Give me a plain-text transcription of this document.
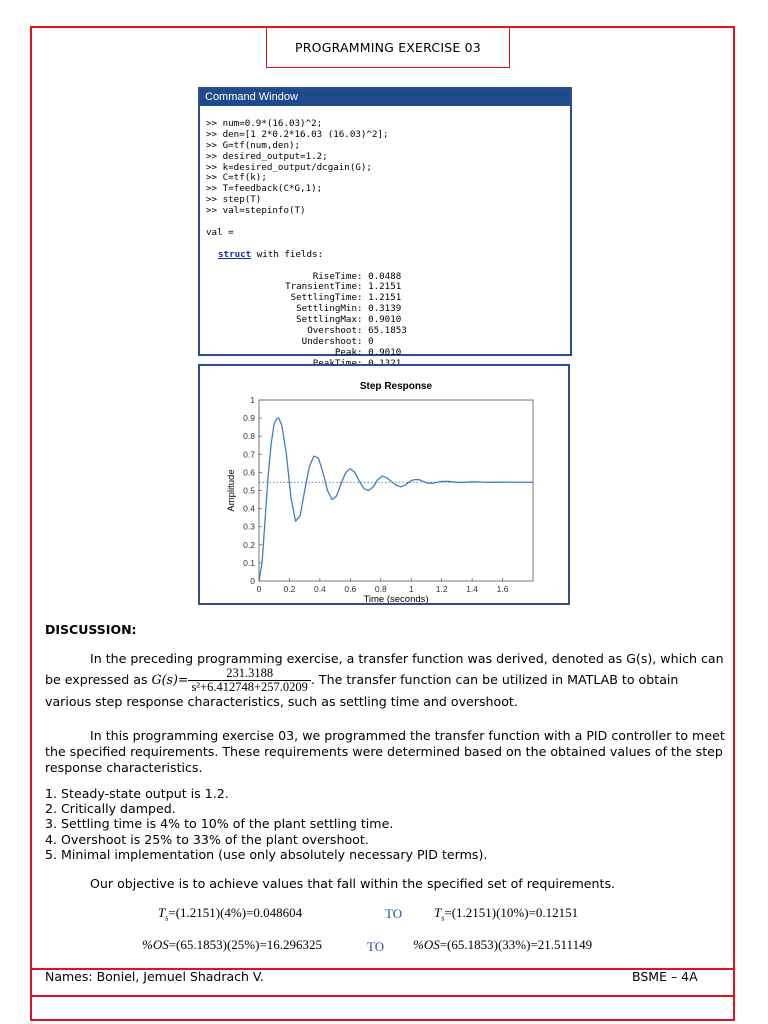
PROGRAMMING EXERCISE 03
Command Window

>> num=0.9*(16.03)^2;
>> den=[1 2*0.2*16.03 (16.03)^2];
>> G=tf(num,den);
>> desired_output=1.2;
>> k=desired_output/dcgain(G);
>> C=tf(k);
>> T=feedback(C*G,1);
>> step(T)
>> val=stepinfo(T)
val =
struct with fields:
RiseTime: 0.0488
TransientTime: 1.2151
SettlingTime: 1.2151
SettlingMin: 0.3139
SettlingMax: 0.9010
Overshoot: 65.1853
Undershoot: 0
Peak: 0.9010

Step Response
Time (seconds)
Amplitude
0	0.2 0.4 0.6 0.8	1	1.2 1.4 1.6
0
0.1
0.2
0.3
0.4
0.5
0.6
0.7
0.8
0.9
1
DISCUSSION:
In the preceding programming exercise, a transfer function was derived, denoted as G(s), which can be expressed as $G(s)= \frac{231.3188}{\text{s²+6.412748+257.0209}}$ . The transfer function can be utilized in MATLAB to obtain various step response characteristics, such as settling time and overshoot.
In this programming exercise 03, we programmed the transfer function with a PID controller to meet the specified requirements. These requirements were determined based on the obtained values of the step response characteristics.
1. Steady-state output is 1.2.
2. Critically damped.
3. Settling time is 4% to 10% of the plant settling time.
4. Overshoot is 25% to 33% of the plant overshoot.
5. Minimal implementation (use only absolutely necessary PID terms).
Our objective is to achieve values that fall within the specified set of requirements.
$T_s=(1.2151)(4\%)=0.048604$	TO $T_s=(1.2151)(10\%)=0.12151$
%OS=(65.1853)(25%)=16.296325	TO %OS=(65.1853)(33%)=21.511149
Names: Boniel, Jemuel Shadrach V.	BSME – 4A
